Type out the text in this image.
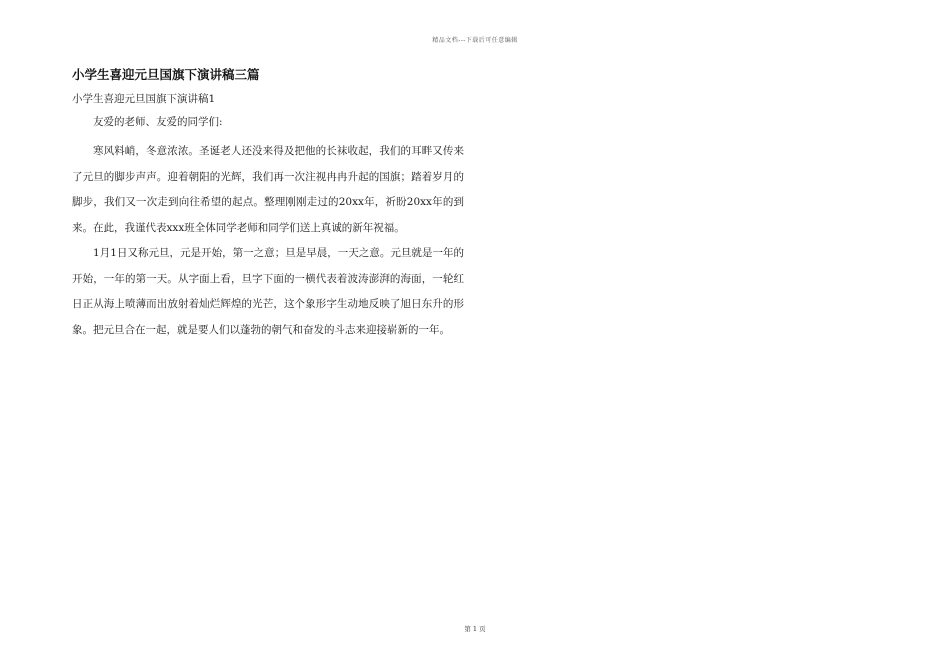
精品文档---下载后可任意编辑
小学生喜迎元旦国旗下演讲稿三篇
小学生喜迎元旦国旗下演讲稿1

友爱的老师、友爱的同学们:

寒风料峭，冬意浓浓。圣诞老人还没来得及把他的长袜收起，我们的耳畔又传来了元旦的脚步声声。迎着朝阳的光辉，我们再一次注视冉冉升起的国旗；踏着岁月的脚步，我们又一次走到向往希望的起点。整理刚刚走过的20xx年，祈盼20xx年的到来。在此，我谨代表xxx班全体同学老师和同学们送上真诚的新年祝福。

1月1日又称元旦，元是开始，第一之意；旦是早晨，一天之意。元旦就是一年的开始，一年的第一天。从字面上看，旦字下面的一横代表着波涛澎湃的海面，一轮红日正从海上喷薄而出放射着灿烂辉煌的光芒，这个象形字生动地反映了旭日东升的形象。把元旦合在一起，就是要人们以蓬勃的朝气和奋发的斗志来迎接崭新的一年。

第 1 页
